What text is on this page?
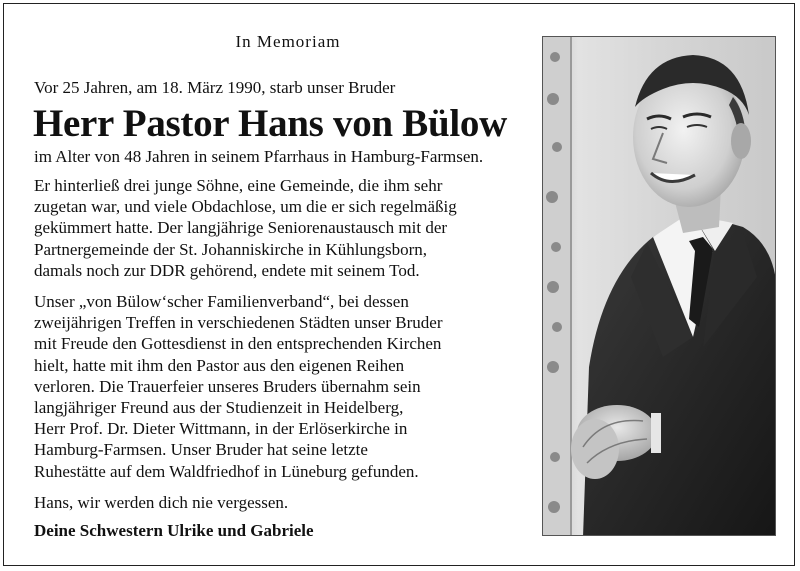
In Memoriam
Vor 25 Jahren, am 18. März 1990, starb unser Bruder
Herr Pastor Hans von Bülow
im Alter von 48 Jahren in seinem Pfarrhaus in Hamburg-Farmsen.
Er hinterließ drei junge Söhne, eine Gemeinde, die ihm sehr
zugetan war, und viele Obdachlose, um die er sich regelmäßig
gekümmert hatte. Der langjährige Seniorenaustausch mit der
Partnergemeinde der St. Johanniskirche in Kühlungsborn,
damals noch zur DDR gehörend, endete mit seinem Tod.
Unser „von Bülow‘scher Familienverband“, bei dessen
zweijährigen Treffen in verschiedenen Städten unser Bruder
mit Freude den Gottesdienst in den entsprechenden Kirchen
hielt, hatte mit ihm den Pastor aus den eigenen Reihen
verloren. Die Trauerfeier unseres Bruders übernahm sein
langjähriger Freund aus der Studienzeit in Heidelberg,
Herr Prof. Dr. Dieter Wittmann, in der Erlöserkirche in
Hamburg-Farmsen. Unser Bruder hat seine letzte
Ruhestätte auf dem Waldfriedhof in Lüneburg gefunden.
Hans, wir werden dich nie vergessen.
Deine Schwestern Ulrike und Gabriele
